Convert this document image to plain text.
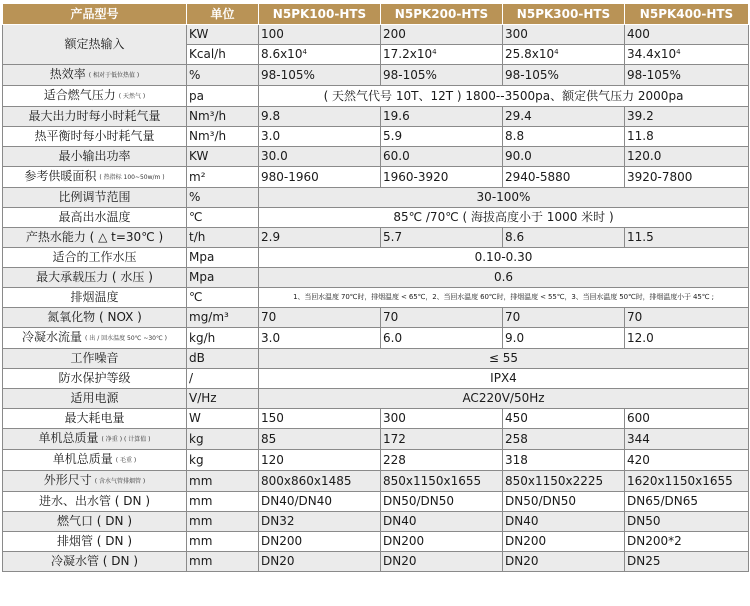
产品型号	单位	N5PK100-HTS	N5PK200-HTS	N5PK300-HTS	N5PK400-HTS
额定热输入	KW	100	200	300	400
	Kcal/h	$8.6x10^4$	$17.2x10^4$	$25.8x10^4$	$34.4x10^4$
热效率 ( 相对于低位热值 )	%	98-105%	98-105%	98-105%	98-105%
适合燃气压力 ( 天然气 )	pa	( 天然气代号 10T、12T ) 1800--3500pa、额定供气压力 2000pa			
最大出力时每小时耗气量	Nm³/h	9.8	19.6	29.4	39.2
热平衡时每小时耗气量	Nm³/h	3.0	5.9	8.8	11.8
最小输出功率	KW	30.0	60.0	90.0	120.0
参考供暖面积 ( 热指标 100~50w/m )	m²	980-1960	1960-3920	2940-5880	3920-7800
比例调节范围	%	30-100%			
最高出水温度	℃	85℃ /70℃ ( 海拔高度小于 1000 米时 )			
产热水能力 ( △ t=30℃ )	t/h	2.9	5.7	8.6	11.5
适合的工作水压	Mpa	0.10-0.30			
最大承载压力 ( 水压 )	Mpa	0.6			
排烟温度	℃	1、当回水温度 70℃时，排烟温度 < 65℃，2、当回水温度 60℃时，排烟温度 < 55℃，3、当回水温度 50℃时，排烟温度小于 45℃ ;			
氮氧化物 ( NOX )	mg/m³	70	70	70	70
冷凝水流量 ( 出 / 回水温度 50℃ ~30℃ )	kg/h	3.0	6.0	9.0	12.0
工作噪音	dB	≤ 55			
防水保护等级	/	IPX4			
适用电源	V/Hz	AC220V/50Hz			
最大耗电量	W	150	300	450	600
单机总质量 ( 净重 ) ( 计算值 )	kg	85	172	258	344
单机总质量 ( 毛重 )	kg	120	228	318	420
外形尺寸 ( 含水气管排烟管 )	mm	800x860x1485	850x1150x1655	850x1150x2225	1620x1150x1655
进水、出水管 ( DN )	mm	DN40/DN40	DN50/DN50	DN50/DN50	DN65/DN65
燃气口 ( DN )	mm	DN32	DN40	DN40	DN50
排烟管 ( DN )	mm	DN200	DN200	DN200	DN200*2
冷凝水管 ( DN )	mm	DN20	DN20	DN20	DN25
